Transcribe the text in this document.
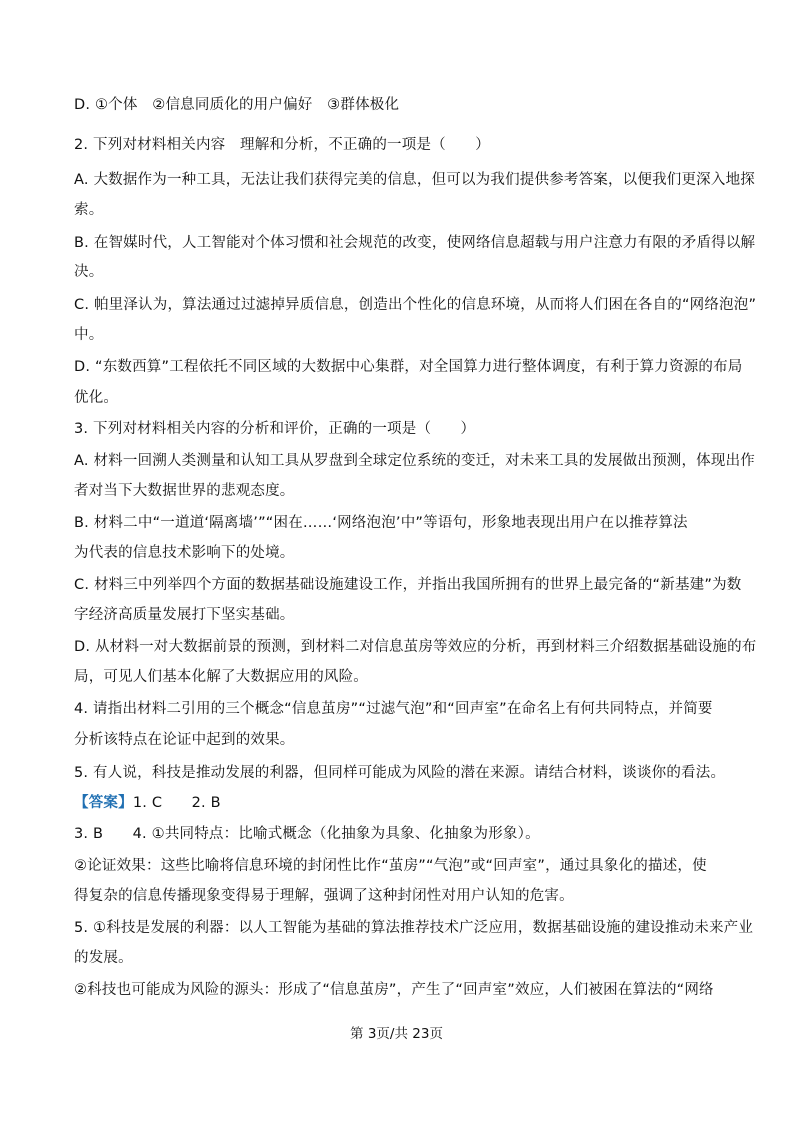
D. ①个体　②信息同质化的用户偏好　③群体极化
2. 下列对材料相关内容　理解和分析，不正确的一项是（　　）
A. 大数据作为一种工具，无法让我们获得完美的信息，但可以为我们提供参考答案，以便我们更深入地探
索。
B. 在智媒时代，人工智能对个体习惯和社会规范的改变，使网络信息超载与用户注意力有限的矛盾得以解
决。
C. 帕里泽认为，算法通过过滤掉异质信息，创造出个性化的信息环境，从而将人们困在各自的“网络泡泡”
中。
D. “东数西算”工程依托不同区域的大数据中心集群，对全国算力进行整体调度，有利于算力资源的布局
优化。
3. 下列对材料相关内容的分析和评价，正确的一项是（　　）
A. 材料一回溯人类测量和认知工具从罗盘到全球定位系统的变迁，对未来工具的发展做出预测，体现出作
者对当下大数据世界的悲观态度。
B. 材料二中“一道道‘隔离墙’”“困在……‘网络泡泡’中”等语句，形象地表现出用户在以推荐算法
为代表的信息技术影响下的处境。
C. 材料三中列举四个方面的数据基础设施建设工作，并指出我国所拥有的世界上最完备的“新基建”为数
字经济高质量发展打下坚实基础。
D. 从材料一对大数据前景的预测，到材料二对信息茧房等效应的分析，再到材料三介绍数据基础设施的布
局，可见人们基本化解了大数据应用的风险。
4. 请指出材料二引用的三个概念“信息茧房”“过滤气泡”和“回声室”在命名上有何共同特点，并简要
分析该特点在论证中起到的效果。
5. 有人说，科技是推动发展的利器，但同样可能成为风险的潜在来源。请结合材料，谈谈你的看法。
【答案】1. C　　2. B
3. B　　4. ①共同特点：比喻式概念（化抽象为具象、化抽象为形象）。
②论证效果：这些比喻将信息环境的封闭性比作“茧房”“气泡”或“回声室”，通过具象化的描述，使
得复杂的信息传播现象变得易于理解，强调了这种封闭性对用户认知的危害。
5. ①科技是发展的利器：以人工智能为基础的算法推荐技术广泛应用，数据基础设施的建设推动未来产业
的发展。
②科技也可能成为风险的源头：形成了“信息茧房”，产生了“回声室”效应，人们被困在算法的“网络
第 3页/共 23页
